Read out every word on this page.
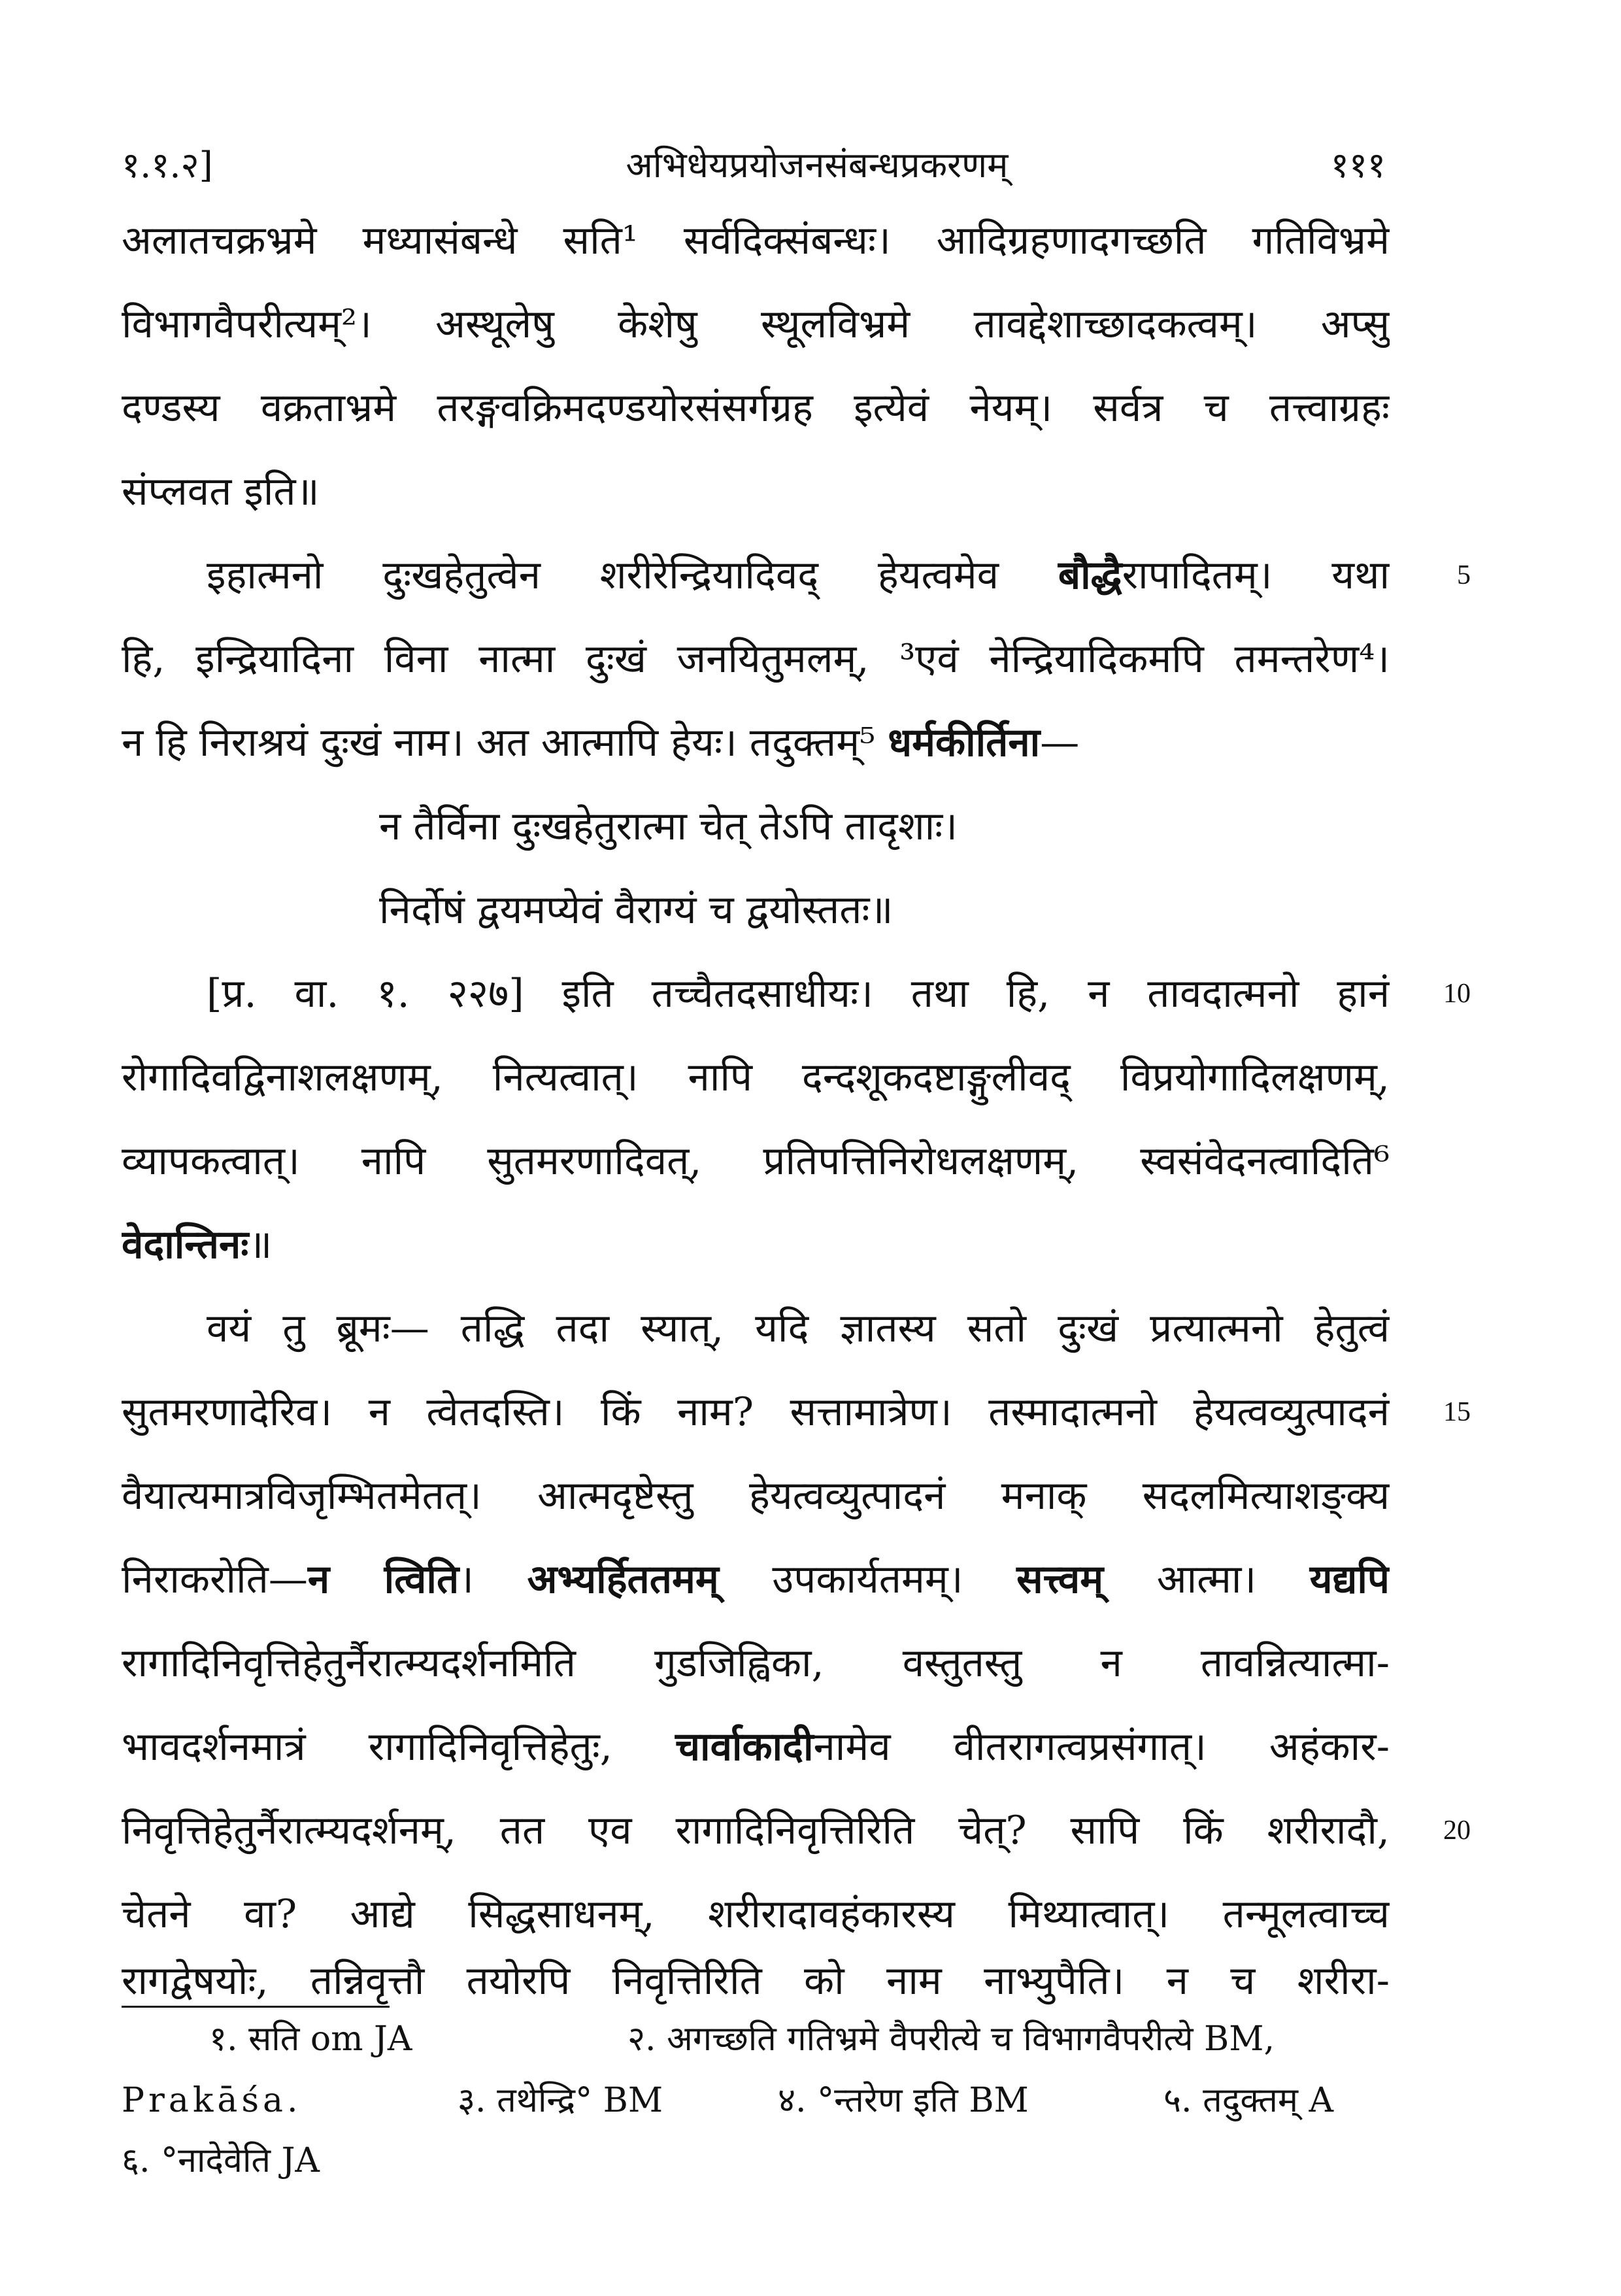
१.१.२]	अभिधेयप्रयोजनसंबन्धप्रकरणम्	१११
अलातचक्रभ्रमे मध्यासंबन्धे सति¹ सर्वदिक्संबन्धः। आदिग्रहणादगच्छति गतिविभ्रमे
विभागवैपरीत्यम्²। अस्थूलेषु केशेषु स्थूलविभ्रमे तावद्देशाच्छादकत्वम्। अप्सु
दण्डस्य वक्रताभ्रमे तरङ्गवक्रिमदण्डयोरसंसर्गग्रह इत्येवं नेयम्। सर्वत्र च तत्त्वाग्रहः
संप्लवत इति॥
इहात्मनो दुःखहेतुत्वेन शरीरेन्द्रियादिवद् हेयत्वमेव बौद्धैरापादितम्। यथा	5
हि, इन्द्रियादिना विना नात्मा दुःखं जनयितुमलम्, ³एवं नेन्द्रियादिकमपि तमन्तरेण⁴।
न हि निराश्रयं दुःखं नाम। अत आत्मापि हेयः। तदुक्तम्⁵ धर्मकीर्तिना—
न तैर्विना दुःखहेतुरात्मा चेत् तेऽपि तादृशाः।
निर्दोषं द्वयमप्येवं वैराग्यं च द्वयोस्ततः॥
[प्र. वा. १. २२७] इति तच्चैतदसाधीयः। तथा हि, न तावदात्मनो हानं	10
रोगादिवद्विनाशलक्षणम्, नित्यत्वात्। नापि दन्दशूकदष्टाङ्गुलीवद् विप्रयोगादिलक्षणम्,
व्यापकत्वात्। नापि सुतमरणादिवत्, प्रतिपत्तिनिरोधलक्षणम्, स्वसंवेदनत्वादिति⁶
वेदान्तिनः॥
वयं तु ब्रूमः— तद्धि तदा स्यात्, यदि ज्ञातस्य सतो दुःखं प्रत्यात्मनो हेतुत्वं
सुतमरणादेरिव। न त्वेतदस्ति। किं नाम? सत्तामात्रेण। तस्मादात्मनो हेयत्वव्युत्पादनं	15
वैयात्यमात्रविजृम्भितमेतत्। आत्मदृष्टेस्तु हेयत्वव्युत्पादनं मनाक् सदलमित्याशङ्क्य
निराकरोति—न त्विति। अभ्यर्हिततमम् उपकार्यतमम्। सत्त्वम् आत्मा। यद्यपि
रागादिनिवृत्तिहेतुर्नैरात्म्यदर्शनमिति गुडजिह्विका, वस्तुतस्तु न तावन्नित्यात्मा-
भावदर्शनमात्रं रागादिनिवृत्तिहेतुः, चार्वाकादीनामेव वीतरागत्वप्रसंगात्। अहंकार-
निवृत्तिहेतुर्नैरात्म्यदर्शनम्, तत एव रागादिनिवृत्तिरिति चेत्? सापि किं शरीरादौ,	20
चेतने वा? आद्ये सिद्धसाधनम्, शरीरादावहंकारस्य मिथ्यात्वात्। तन्मूलत्वाच्च
रागद्वेषयोः, तन्निवृत्तौ तयोरपि निवृत्तिरिति को नाम नाभ्युपैति। न च शरीरा-
१. सति om JA	२. अगच्छति गतिभ्रमे वैपरीत्ये च विभागवैपरीत्ये BM,
Prakāśa.	३. तथेन्द्रि° BM	४. °न्तरेण इति BM	५. तदुक्तम् A
६. °नादेवेति JA
